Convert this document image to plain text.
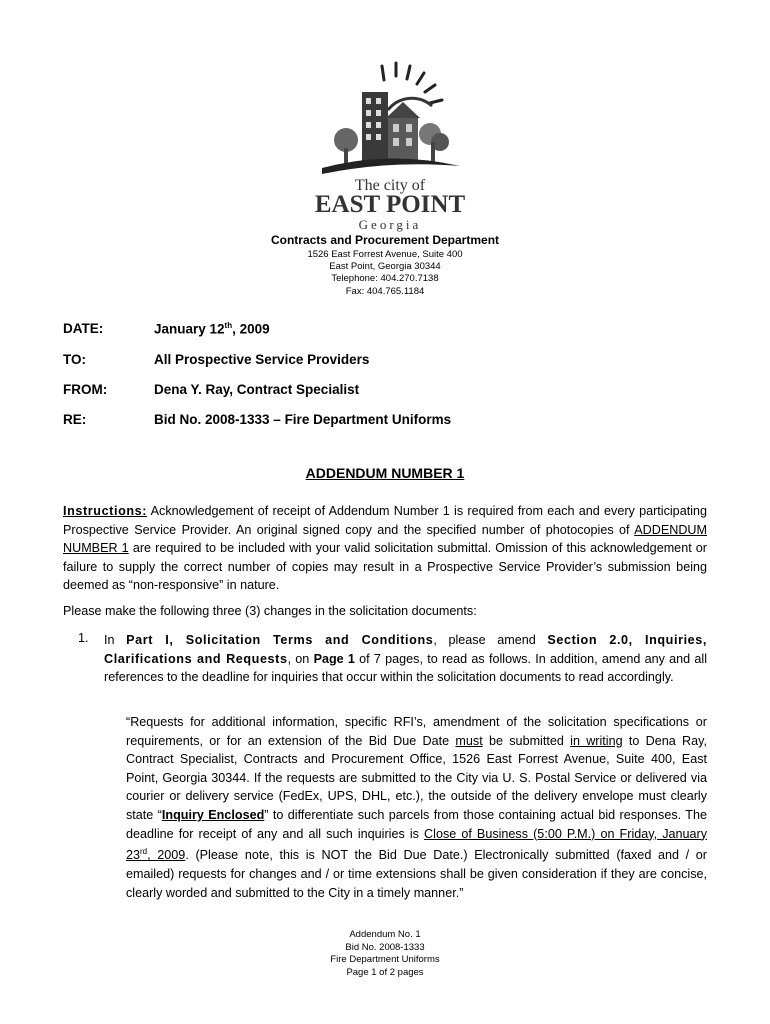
The city of
EAST POINT
Georgia
Contracts and Procurement Department
1526 East Forrest Avenue, Suite 400
East Point, Georgia 30344
Telephone: 404.270.7138
Fax: 404.765.1184
DATE:	January 12th, 2009
TO:	All Prospective Service Providers
FROM:	Dena Y. Ray, Contract Specialist
RE:	Bid No. 2008-1333 – Fire Department Uniforms
ADDENDUM NUMBER 1
Instructions: Acknowledgement of receipt of Addendum Number 1 is required from each and every participating Prospective Service Provider. An original signed copy and the specified number of photocopies of ADDENDUM NUMBER 1 are required to be included with your valid solicitation submittal. Omission of this acknowledgement or failure to supply the correct number of copies may result in a Prospective Service Provider’s submission being deemed as “non-responsive” in nature.
Please make the following three (3) changes in the solicitation documents:
1. In Part I, Solicitation Terms and Conditions, please amend Section 2.0, Inquiries, Clarifications and Requests, on Page 1 of 7 pages, to read as follows. In addition, amend any and all references to the deadline for inquiries that occur within the solicitation documents to read accordingly.
“Requests for additional information, specific RFI’s, amendment of the solicitation specifications or requirements, or for an extension of the Bid Due Date must be submitted in writing to Dena Ray, Contract Specialist, Contracts and Procurement Office, 1526 East Forrest Avenue, Suite 400, East Point, Georgia 30344. If the requests are submitted to the City via U. S. Postal Service or delivered via courier or delivery service (FedEx, UPS, DHL, etc.), the outside of the delivery envelope must clearly state “Inquiry Enclosed” to differentiate such parcels from those containing actual bid responses. The deadline for receipt of any and all such inquiries is Close of Business (5:00 P.M.) on Friday, January 23rd, 2009. (Please note, this is NOT the Bid Due Date.) Electronically submitted (faxed and / or emailed) requests for changes and / or time extensions shall be given consideration if they are concise, clearly worded and submitted to the City in a timely manner.”
Addendum No. 1
Bid No. 2008-1333
Fire Department Uniforms
Page 1 of 2 pages
